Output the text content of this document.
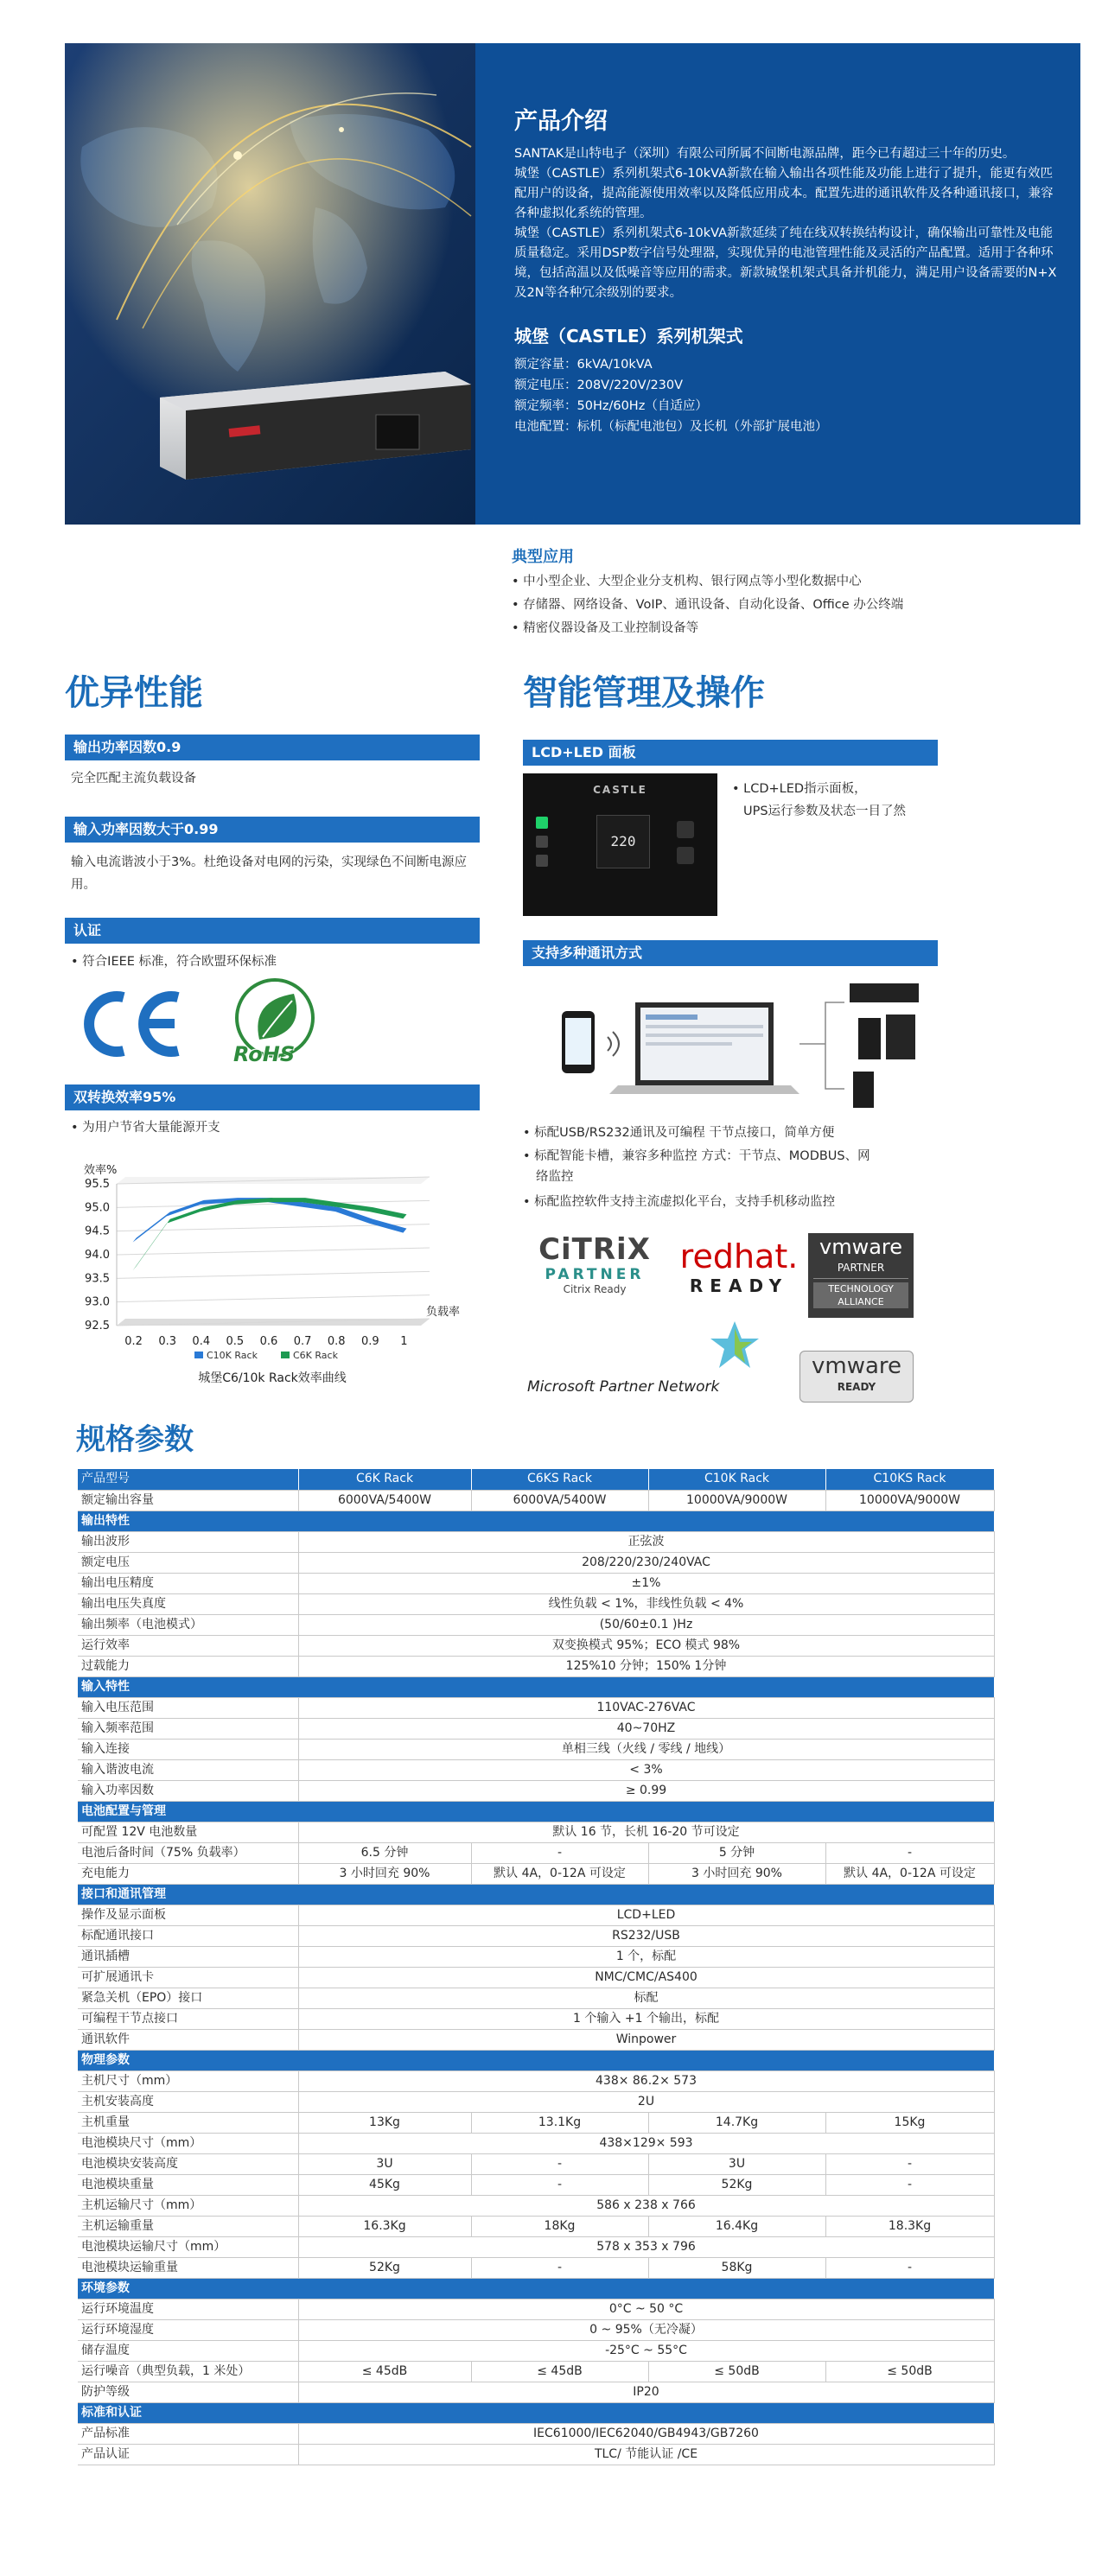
产品介绍
SANTAK是山特电子（深圳）有限公司所属不间断电源品牌，距今已有超过三十年的历史。
城堡（CASTLE）系列机架式6-10kVA新款在输入输出各项性能及功能上进行了提升，能更有效匹配用户的设备，提高能源使用效率以及降低应用成本。配置先进的通讯软件及各种通讯接口，兼容各种虚拟化系统的管理。
城堡（CASTLE）系列机架式6-10kVA新款延续了纯在线双转换结构设计，确保输出可靠性及电能质量稳定。采用DSP数字信号处理器，实现优异的电池管理性能及灵活的产品配置。适用于各种环境，包括高温以及低噪音等应用的需求。新款城堡机架式具备并机能力，满足用户设备需要的N+X及2N等各种冗余级别的要求。
城堡（CASTLE）系列机架式
额定容量：6kVA/10kVA
额定电压：208V/220V/230V
额定频率：50Hz/60Hz（自适应）
电池配置：标机（标配电池包）及长机（外部扩展电池）
典型应用
• 中小型企业、大型企业分支机构、银行网点等小型化数据中心
• 存储器、网络设备、VoIP、通讯设备、自动化设备、Office 办公终端
• 精密仪器设备及工业控制设备等
优异性能
输出功率因数0.9
完全匹配主流负载设备
输入功率因数大于0.99
输入电流谐波小于3%。杜绝设备对电网的污染，实现绿色不间断电源应用。
认证
• 符合IEEE 标准，符合欧盟环保标准
RoHS
双转换效率95%
• 为用户节省大量能源开支
效率%
0.2 0.3 0.4 0.5 0.6 0.7 0.8 0.9 1
92.5
93.0
93.5
94.0
94.5
95.0
95.5
负载率
C10K Rack	C6K Rack
城堡C6/10k Rack效率曲线
智能管理及操作
LCD+LED 面板
CASTLE
220
• LCD+LED指示面板，
UPS运行参数及状态一目了然
支持多种通讯方式
• 标配USB/RS232通讯及可编程 干节点接口，简单方便
• 标配智能卡槽，兼容多种监控 方式：干节点、MODBUS、网
络监控
• 标配监控软件支持主流虚拟化平台，支持手机移动监控
CiTRiX
PARTNER
Citrix Ready
redhat.
READY
vmware
PARTNER
TECHNOLOGY
ALLIANCE
Microsoft Partner Network
vmware
READY
规格参数
产品型号	C6K Rack	C6KS Rack	C10K Rack	C10KS Rack
额定输出容量	6000VA/5400W	6000VA/5400W	10000VA/9000W	10000VA/9000W
输出特性				
输出波形	正弦波			
额定电压	208/220/230/240VAC			
输出电压精度	±1%			
输出电压失真度	线性负载 < 1%，非线性负载 < 4%			
输出频率（电池模式）	(50/60±0.1 )Hz			
运行效率	双变换模式 95%；ECO 模式 98%			
过载能力	125%10 分钟；150% 1分钟			
输入特性				
输入电压范围	110VAC-276VAC			
输入频率范围	40~70HZ			
输入连接	单相三线（火线 / 零线 / 地线）			
输入谐波电流	< 3%			
输入功率因数	≥ 0.99			
电池配置与管理				
可配置 12V 电池数量	默认 16 节，长机 16-20 节可设定			
电池后备时间（75% 负载率）	6.5 分钟	-	5 分钟	-
充电能力	3 小时回充 90%	默认 4A，0-12A 可设定	3 小时回充 90%	默认 4A，0-12A 可设定
接口和通讯管理				
操作及显示面板	LCD+LED			
标配通讯接口	RS232/USB			
通讯插槽	1 个，标配			
可扩展通讯卡	NMC/CMC/AS400			
紧急关机（EPO）接口	标配			
可编程干节点接口	1 个输入 +1 个输出，标配			
通讯软件	Winpower			
物理参数				
主机尺寸（mm）	438× 86.2× 573			
主机安装高度	2U			
主机重量	13Kg	13.1Kg	14.7Kg	15Kg
电池模块尺寸（mm）	438×129× 593			
电池模块安装高度	3U	-	3U	-
电池模块重量	45Kg	-	52Kg	-
主机运输尺寸（mm）	586 x 238 x 766			
主机运输重量	16.3Kg	18Kg	16.4Kg	18.3Kg
电池模块运输尺寸（mm）	578 x 353 x 796			
电池模块运输重量	52Kg	-	58Kg	-
环境参数				
运行环境温度	0°C ~ 50 °C			
运行环境湿度	0 ~ 95%（无冷凝）			
储存温度	-25°C ~ 55°C			
运行噪音（典型负载，1 米处）	≤ 45dB	≤ 45dB	≤ 50dB	≤ 50dB
防护等级	IP20			
标准和认证				
产品标准	IEC61000/IEC62040/GB4943/GB7260			
产品认证	TLC/ 节能认证 /CE			
